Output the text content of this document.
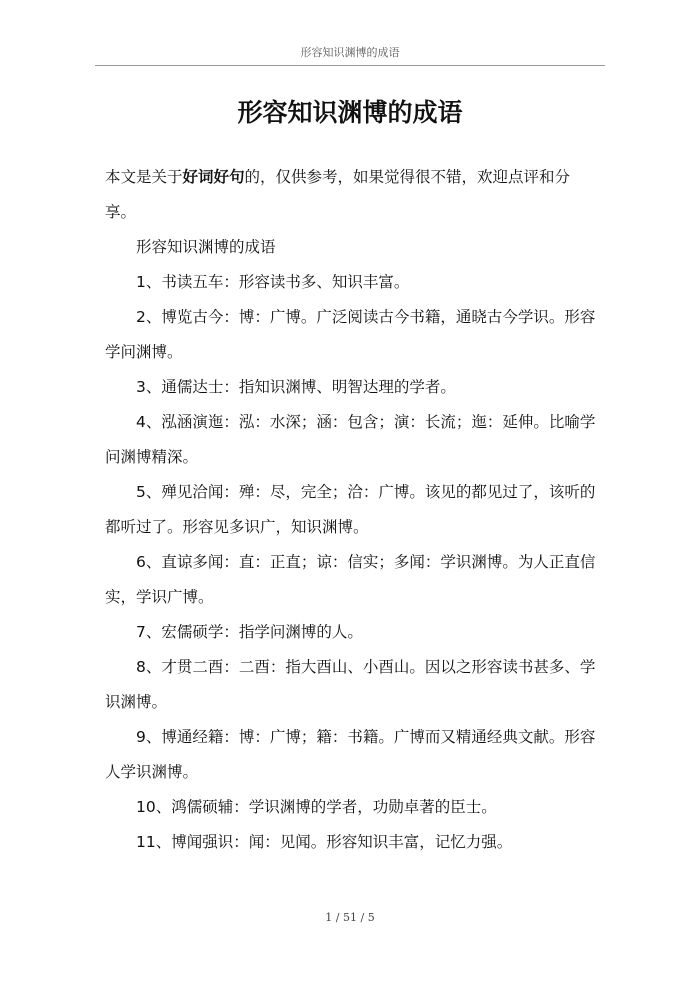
形容知识渊博的成语
形容知识渊博的成语

本文是关于好词好句的，仅供参考，如果觉得很不错，欢迎点评和分享。

形容知识渊博的成语

1、书读五车：形容读书多、知识丰富。

2、博览古今：博：广博。广泛阅读古今书籍，通晓古今学识。形容学问渊博。

3、通儒达士：指知识渊博、明智达理的学者。

4、泓涵演迤：泓：水深；涵：包含；演：长流；迤：延伸。比喻学问渊博精深。

5、殚见洽闻：殚：尽，完全；洽：广博。该见的都见过了，该听的都听过了。形容见多识广，知识渊博。

6、直谅多闻：直：正直；谅：信实；多闻：学识渊博。为人正直信实，学识广博。

7、宏儒硕学：指学问渊博的人。

8、才贯二酉：二酉：指大酉山、小酉山。因以之形容读书甚多、学识渊博。

9、博通经籍：博：广博；籍：书籍。广博而又精通经典文献。形容人学识渊博。

10、鸿儒硕辅：学识渊博的学者，功勋卓著的臣士。

11、博闻强识：闻：见闻。形容知识丰富，记忆力强。

1 / 51 / 5
